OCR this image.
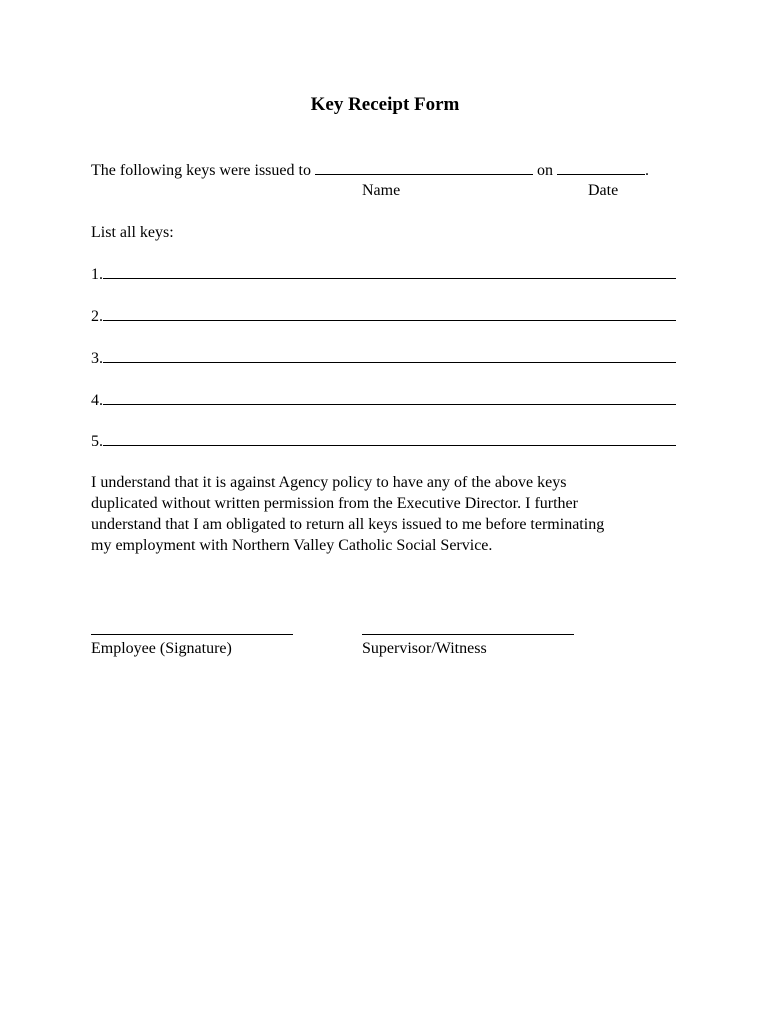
Key Receipt Form
The following keys were issued to	on	.
Name	Date
List all keys:
1.
2.
3.
4.
5.

I understand that it is against Agency policy to have any of the above keys

duplicated without written permission from the Executive Director. I further

understand that I am obligated to return all keys issued to me before terminating

my employment with Northern Valley Catholic Social Service.

Employee (Signature)	Supervisor/Witness
